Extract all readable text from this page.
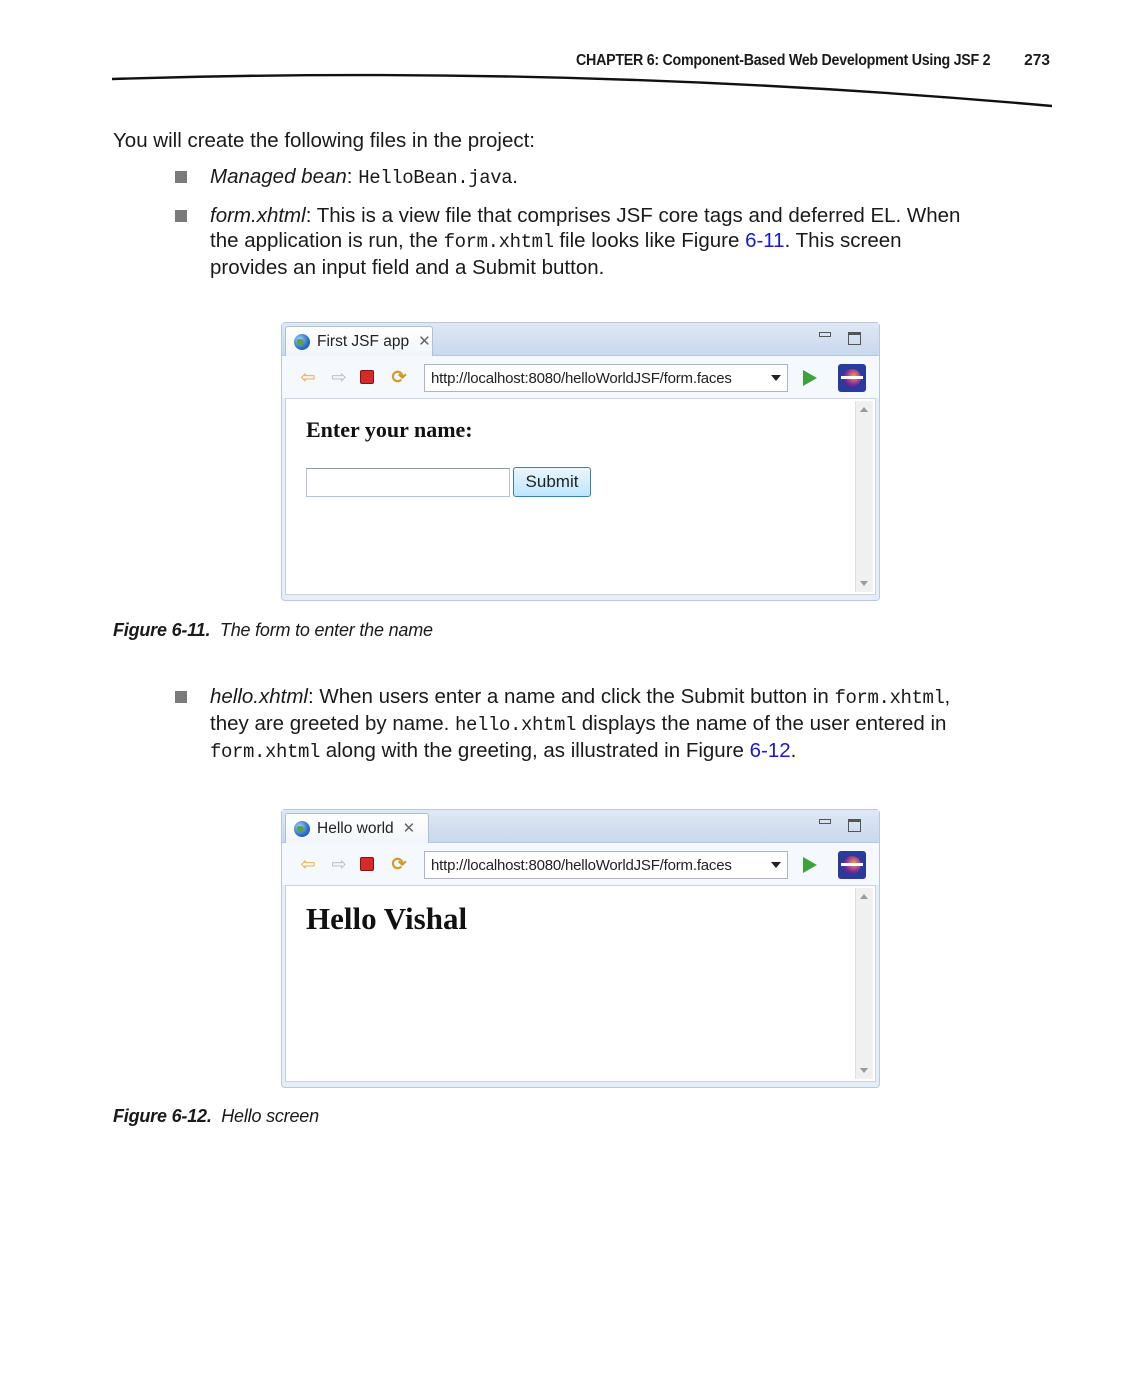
CHAPTER 6: Component-Based Web Development Using JSF 2 273

You will create the following files in the project:

Managed bean: HelloBean.java.
form.xhtml: This is a view file that comprises JSF core tags and deferred EL. When the application is run, the form.xhtml file looks like Figure 6-11. This screen provides an input field and a Submit button.
First JSF app ✕
⇦ ⇨ ⟳ http://localhost:8080/helloWorldJSF/form.faces
Enter your name:
Submit

Figure 6-11. The form to enter the name

hello.xhtml: When users enter a name and click the Submit button in form.xhtml, they are greeted by name. hello.xhtml displays the name of the user entered in form.xhtml along with the greeting, as illustrated in Figure 6-12.
Hello world ✕
⇦ ⇨ ⟳ http://localhost:8080/helloWorldJSF/form.faces
Hello Vishal

Figure 6-12. Hello screen
